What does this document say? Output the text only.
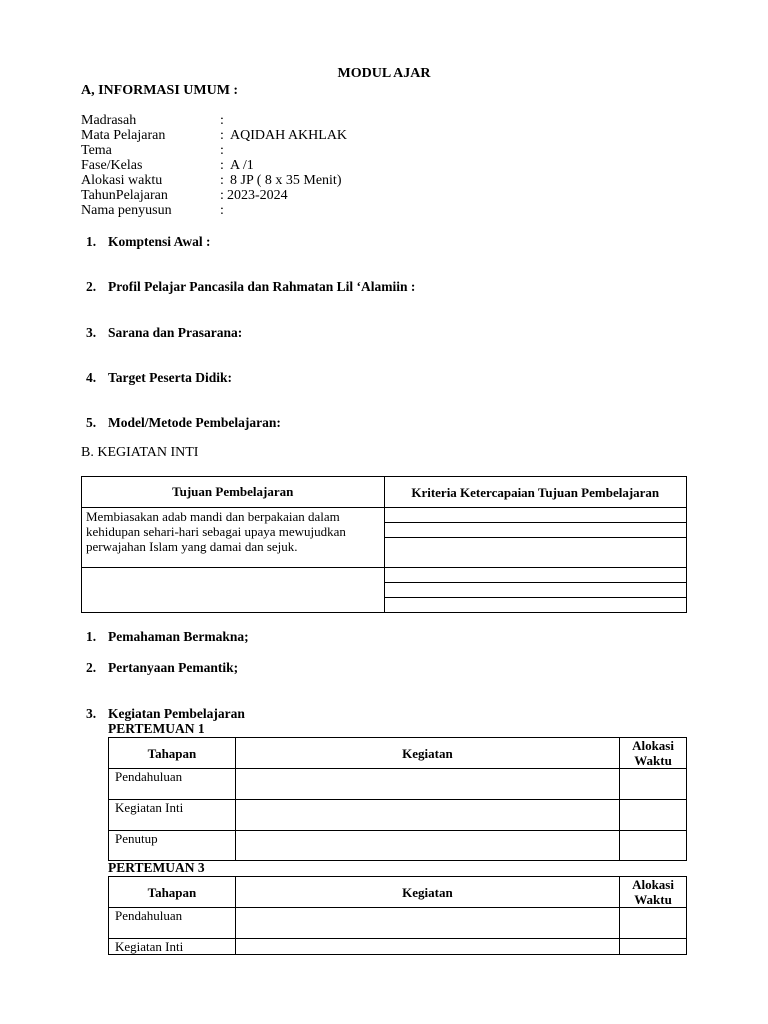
MODUL AJAR
A, INFORMASI UMUM :
Madrasah	:
Mata Pelajaran	: AQIDAH AKHLAK
Tema	:
Fase/Kelas	: A /1
Alokasi waktu	: 8 JP ( 8 x 35 Menit)
TahunPelajaran	: 2023-2024
Nama penyusun	:
1. Komptensi Awal :
2. Profil Pelajar Pancasila dan Rahmatan Lil ‘Alamiin :
3. Sarana dan Prasarana:
4. Target Peserta Didik:
5. Model/Metode Pembelajaran:
B. KEGIATAN INTI
Tujuan Pembelajaran	Kriteria Ketercapaian Tujuan Pembelajaran

Membiasakan adab mandi dan berpakaian dalam kehidupan sehari-hari sebagai upaya mewujudkan perwajahan Islam yang damai dan sejuk.	

1. Pemahaman Bermakna;
2. Pertanyaan Pemantik;
3. Kegiatan Pembelajaran
PERTEMUAN 1
Tahapan	Kegiatan	Alokasi Waktu

Pendahuluan		

Kegiatan Inti		

Penutup		

PERTEMUAN 3
Tahapan	Kegiatan	Alokasi Waktu

Pendahuluan		

Kegiatan Inti		
